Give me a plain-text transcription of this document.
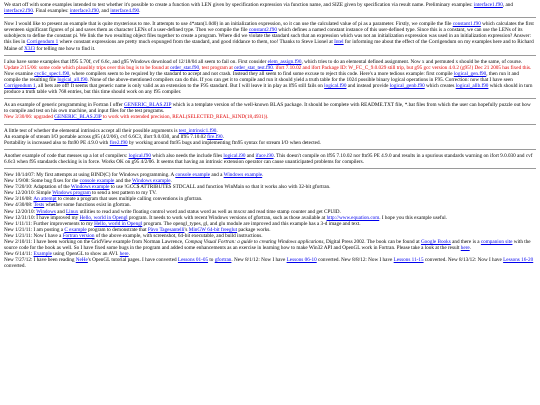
We start off with some examples intended to test whether it's possible to create a function with LEN given by specification expression via function name, and SIZE given by specification via result name. Preliminary examples: interface1.f90, and interface2.f90. Final examples: interface3.f90, and interface4.f90.

Now I would like to present an example that is quite mysterious to me. It attempts to use 4*atan(1.0d0) in an initialization expression, so it can use the calculated value of pi as a parameter. Firstly, we compile the file constant1.f90 which calculates the first seventeen significant figures of pi and saves them as character LENs of a user-defined type. Then we compile the file constant2.f90 which defines a named constant instance of this user-defined type. Since this is a constant, we can use the LENs of its subobjects to define the constant pi. We link the two resulting object files together to create a program. Where did we violate the standard such that an expression which was not an initialization expression was used in an initialization expression? Answer: this lies in Corrigendum 1 where constant expressions are pretty much expunged from the standard, and good riddance to them, too! Thanks to Steve Lionel at Intel for informing me about the effect of the Corrigendum on my examples here and to Richard Maine of X3J3 for telling me how to find it.

I also have some examples that lf95 5.70f, cvf 6.6c, and g95 Windows download of 12/18/04 all seem to fail on. First consider elem_assign.f90, which tries to do an elemental defined assignment. Now x and permuted x should be the same, of course. Update 2/15/06: some code which plausibly trips over this bug is to be found at order_stat.f90, test program at order_stat_test.f90. ifort 7.10.02 and ifort Package ID: W_FC_C_9.0.029 still trip, but g95 gcc version 4.0.2 (g95!) Dec 21 2005 has fixed this. Now examine cyclic_spec1.f90, where compilers seem to be required by the standard to accept and not crash. Instead they all seem to find some excuse to reject this code. Here's a more tedious example: first compile logical_gen.f90, then run it and compile the resulting file logical_all.f90. None of the above-mentioned compilers can do this. If you can get it to compile and run it should yield a truth table for the 1024 possible binary logical operations in F95. Correction: now that I have seen Corrigendum 1, all bets are off! It seems that generic name is only valid as an extension to the F95 standard. But I will leave it in play as lf95 still fails on logical.f90 and instead provide logical_genb.f90 which creates logical_allb.f90 which should in turn produce a truth table with 768 entries, but this time should work on any f95 compiler.

As an example of generic programming in Fortran I offer GENERIC_BLAS.ZIP which is a template version of the well-known BLAS package. It should be complete with README.TXT file, *.bat files from which the user can hopefully puzzle out how to compile and test on his own machine, and input files for the test programs.
New 3/30/06: upgraded GENERIC_BLAS.ZIP to work with extended precision, REAL(SELECTED_REAL_KIND(18,4931)).

A little test of whether the elemental intrinsics accept all their possible arguments is test_intrinsic1.f90.
An example of stream I/O portable across g95 (4/2/06), cvf 6.6C3, ifort 9.0.030, and lf95 7.10.02 fire.f90.
Portability is increased also to ftn90 PE 4.9.0 with fire2.f90 by working around ftn95 bugs and implementing ftn95 syntax for stream I/O when detected.

Another example of code that messes up a lot of compilers: logical.f90 which also needs the include files logical.i90 and iface.i90. This doesn't compile on lf95 7.10.02 nor ftn95 PE 4.9.0 and results in a spurious standards warning on ifort 9.0.030 and cvf 6.6c3 when f95 standards checking is in force. Works OK on g95 4/2/06. It seems that having an intrinsic extension operator can cause unanticipated problems for compilers.

New 10/14/07: My first attempts at using BIND(C) for Windows programming. A console example and a Windows example.
New 1/9/08: Some bug fixes for the console example and the Windows example.
New 7/20/10: Adaptation of the Windows example to use !GCC$ ATTRIBUTES STDCALL and function WinMain so that it works also with 32-bit gfortran.
New 12/20/10: Simple Windows program to send a test pattern to my TV.
New 3/16/08: An attempt to create a program that uses multiple calling conventions in gfortran.
New 4/30/08: Tests whether some functions exist in gfortran.
New 12/20/10: Windows and Linux utilities to read and write floating control word and status word as well as mxcsr and read time stamp counter and get CPUID.
New 12/31/10: I have improved my Hello, world in Opengl program. It needs to work with recent Windows versions of gfortran, such as those available at http://www.equation.com. I hope you this example useful.
New 1/11/11: Further improvements to my Hello, world in Opengl program. The opengl_types, gl, and glu module are improved and this example has a 3-d image and text.
New 1/21/11: I am posting a C example program to demonstrate that Pàvo Tagesantelli's MinGW 64-bit freeglut package works.
New 1/21/11: Now I have a Fortran version of the above example, with screenshot, 64-bit executable, and build instructions.
New 2/10/11: I have been working on the GridView example from Norman Lawrence, Compaq Visual Fortran: a guide to creating Windows applications, Digital Press 2002. The book can be found at Google Books and there is a companion site with the source code for the book as well. So I have fixed some bugs in the program and added some enhancements as an exercise in learning how to make Win32 API and OpenGL work in Fortran. Please take a look at the result here.
New 6/14/11: Example using OpenGL to show an AVI. here.
New 7/27/12: I have been reading NeHe's OpenGL tutorial pages. I have converted Lessons 01-05 to gfortran. New 8/1/12: Now I have Lessons 06-10 converted. New 8/8/12: Now I have Lessons 11-15 converted. New 8/13/12: Now I have Lessons 16-20 converted.
